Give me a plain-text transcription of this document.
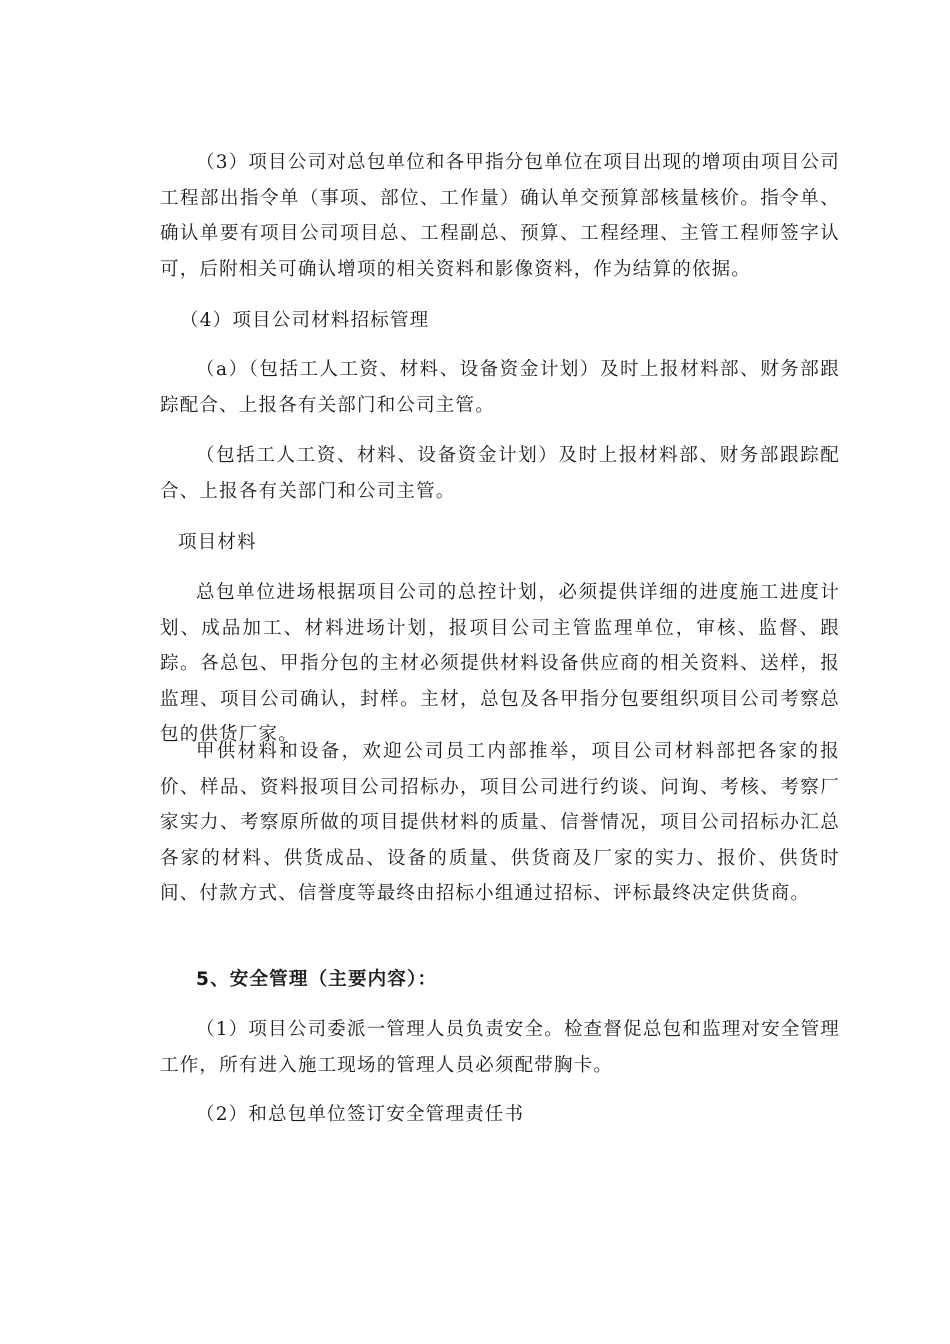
（3）项目公司对总包单位和各甲指分包单位在项目出现的增项由项目公司工程部出指令单（事项、部位、工作量）确认单交预算部核量核价。指令单、确认单要有项目公司项目总、工程副总、预算、工程经理、主管工程师签字认可，后附相关可确认增项的相关资料和影像资料，作为结算的依据。

（4）项目公司材料招标管理

（a）（包括工人工资、材料、设备资金计划）及时上报材料部、财务部跟踪配合、上报各有关部门和公司主管。

（包括工人工资、材料、设备资金计划）及时上报材料部、财务部跟踪配合、上报各有关部门和公司主管。

项目材料

总包单位进场根据项目公司的总控计划，必须提供详细的进度施工进度计划、成品加工、材料进场计划，报项目公司主管监理单位，审核、监督、跟踪。各总包、甲指分包的主材必须提供材料设备供应商的相关资料、送样，报监理、项目公司确认，封样。主材，总包及各甲指分包要组织项目公司考察总包的供货厂家。

甲供材料和设备，欢迎公司员工内部推举，项目公司材料部把各家的报价、样品、资料报项目公司招标办，项目公司进行约谈、问询、考核、考察厂家实力、考察原所做的项目提供材料的质量、信誉情况，项目公司招标办汇总各家的材料、供货成品、设备的质量、供货商及厂家的实力、报价、供货时间、付款方式、信誉度等最终由招标小组通过招标、评标最终决定供货商。

5、安全管理（主要内容）：

（1）项目公司委派一管理人员负责安全。检查督促总包和监理对安全管理工作，所有进入施工现场的管理人员必须配带胸卡。

（2）和总包单位签订安全管理责任书
